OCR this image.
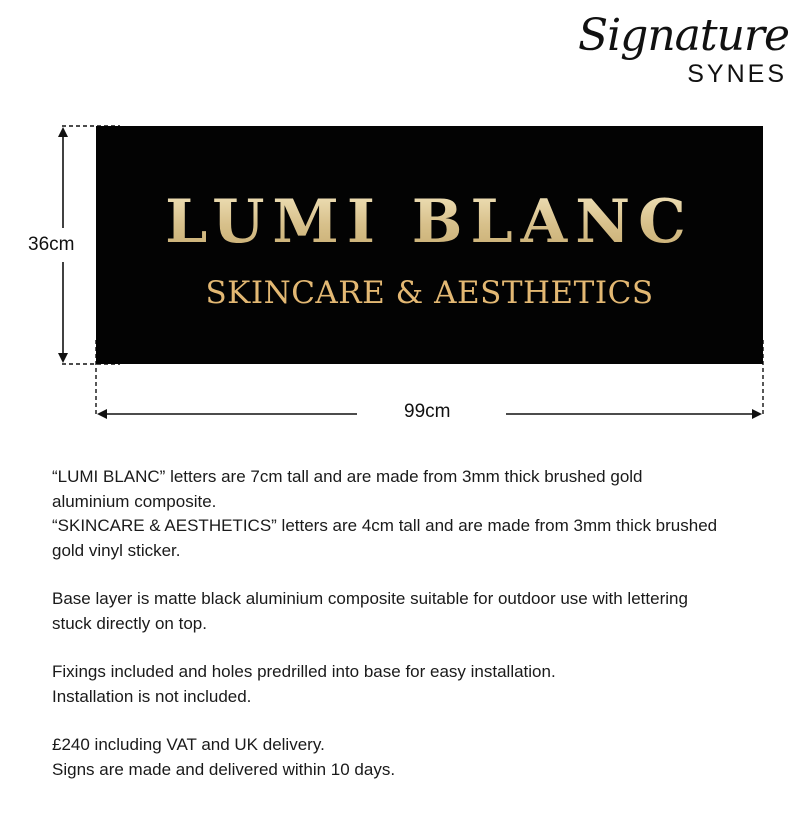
Signature
SYNES
36cm
99cm
LUMI BLANC
SKINCARE & AESTHETICS

“LUMI BLANC” letters are 7cm tall and are made from 3mm thick brushed gold

aluminium composite.

“SKINCARE & AESTHETICS” letters are 4cm tall and are made from 3mm thick brushed

gold vinyl sticker.

Base layer is matte black aluminium composite suitable for outdoor use with lettering

stuck directly on top.

Fixings included and holes predrilled into base for easy installation.

Installation is not included.

£240 including VAT and UK delivery.

Signs are made and delivered within 10 days.
